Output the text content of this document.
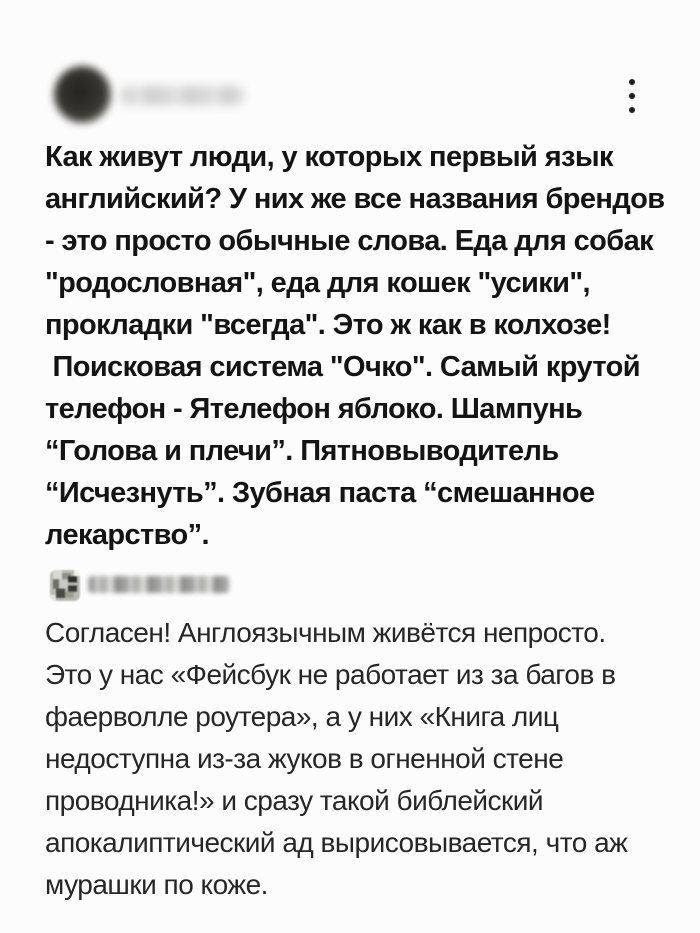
Как живут люди, у которых первый язык
английский? У них же все названия брендов
- это просто обычные слова. Еда для собак
"родословная", еда для кошек "усики",
прокладки "всегда". Это ж как в колхозе!
Поисковая система "Очко". Самый крутой
телефон - Ятелефон яблоко. Шампунь
“Голова и плечи”. Пятновыводитель
“Исчезнуть”. Зубная паста “смешанное
лекарство”.
Согласен! Англоязычным живётся непросто.
Это у нас «Фейсбук не работает из за багов в
фаерволле роутера», а у них «Книга лиц
недоступна из-за жуков в огненной стене
проводника!» и сразу такой библейский
апокалиптический ад вырисовывается, что аж
мурашки по коже.
